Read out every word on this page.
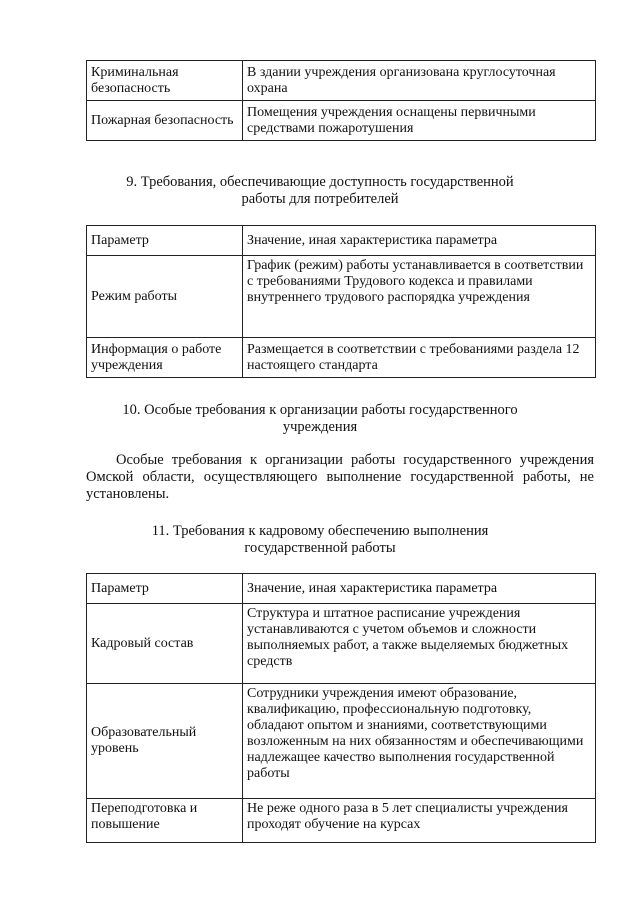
Криминальная безопасность	В здании учреждения организована круглосуточная охрана
Пожарная безопасность	Помещения учреждения оснащены первичными средствами пожаротушения
9. Требования, обеспечивающие доступность государственной
работы для потребителей
Параметр	Значение, иная характеристика параметра
Режим работы	График (режим) работы устанавливается в соответствии с требованиями Трудового кодекса и правилами внутреннего трудового распорядка учреждения
Информация о работе учреждения	Размещается в соответствии с требованиями раздела 12 настоящего стандарта
10. Особые требования к организации работы государственного
учреждения
Особые требования к организации работы государственного учреждения Омской области, осуществляющего выполнение государственной работы, не установлены.
11. Требования к кадровому обеспечению выполнения
государственной работы
Параметр	Значение, иная характеристика параметра
Кадровый состав	Структура и штатное расписание учреждения устанавливаются с учетом объемов и сложности выполняемых работ, а также выделяемых бюджетных средств
Образовательный уровень	Сотрудники учреждения имеют образование, квалификацию, профессиональную подготовку, обладают опытом и знаниями, соответствующими возложенным на них обязанностям и обеспечивающими надлежащее качество выполнения государственной работы
Переподготовка и повышение	Не реже одного раза в 5 лет специалисты учреждения проходят обучение на курсах
